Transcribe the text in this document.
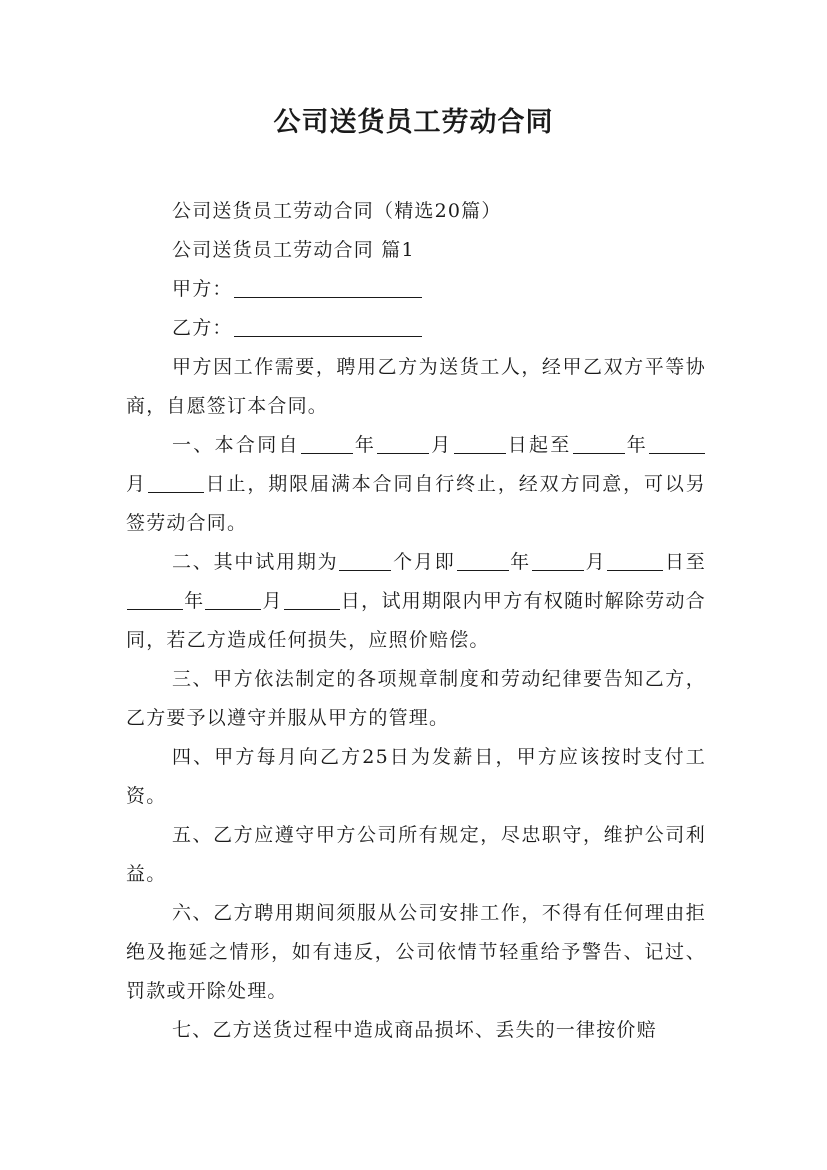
公司送货员工劳动合同

公司送货员工劳动合同（精选20篇）

公司送货员工劳动合同 篇1

甲方：

乙方：

甲方因工作需要，聘用乙方为送货工人，经甲乙双方平等协商，自愿签订本合同。

一、本合同自	年	月	日起至	年月	日止，期限届满本合同自行终止，经双方同意，可以另签劳动合同。

二、其中试用期为	个月即	年	月	日至年	月	日，试用期限内甲方有权随时解除劳动合同，若乙方造成任何损失，应照价赔偿。

三、甲方依法制定的各项规章制度和劳动纪律要告知乙方，乙方要予以遵守并服从甲方的管理。

四、甲方每月向乙方25日为发薪日，甲方应该按时支付工资。

五、乙方应遵守甲方公司所有规定，尽忠职守，维护公司利益。

六、乙方聘用期间须服从公司安排工作，不得有任何理由拒绝及拖延之情形，如有违反，公司依情节轻重给予警告、记过、罚款或开除处理。

七、乙方送货过程中造成商品损坏、丢失的一律按价赔
